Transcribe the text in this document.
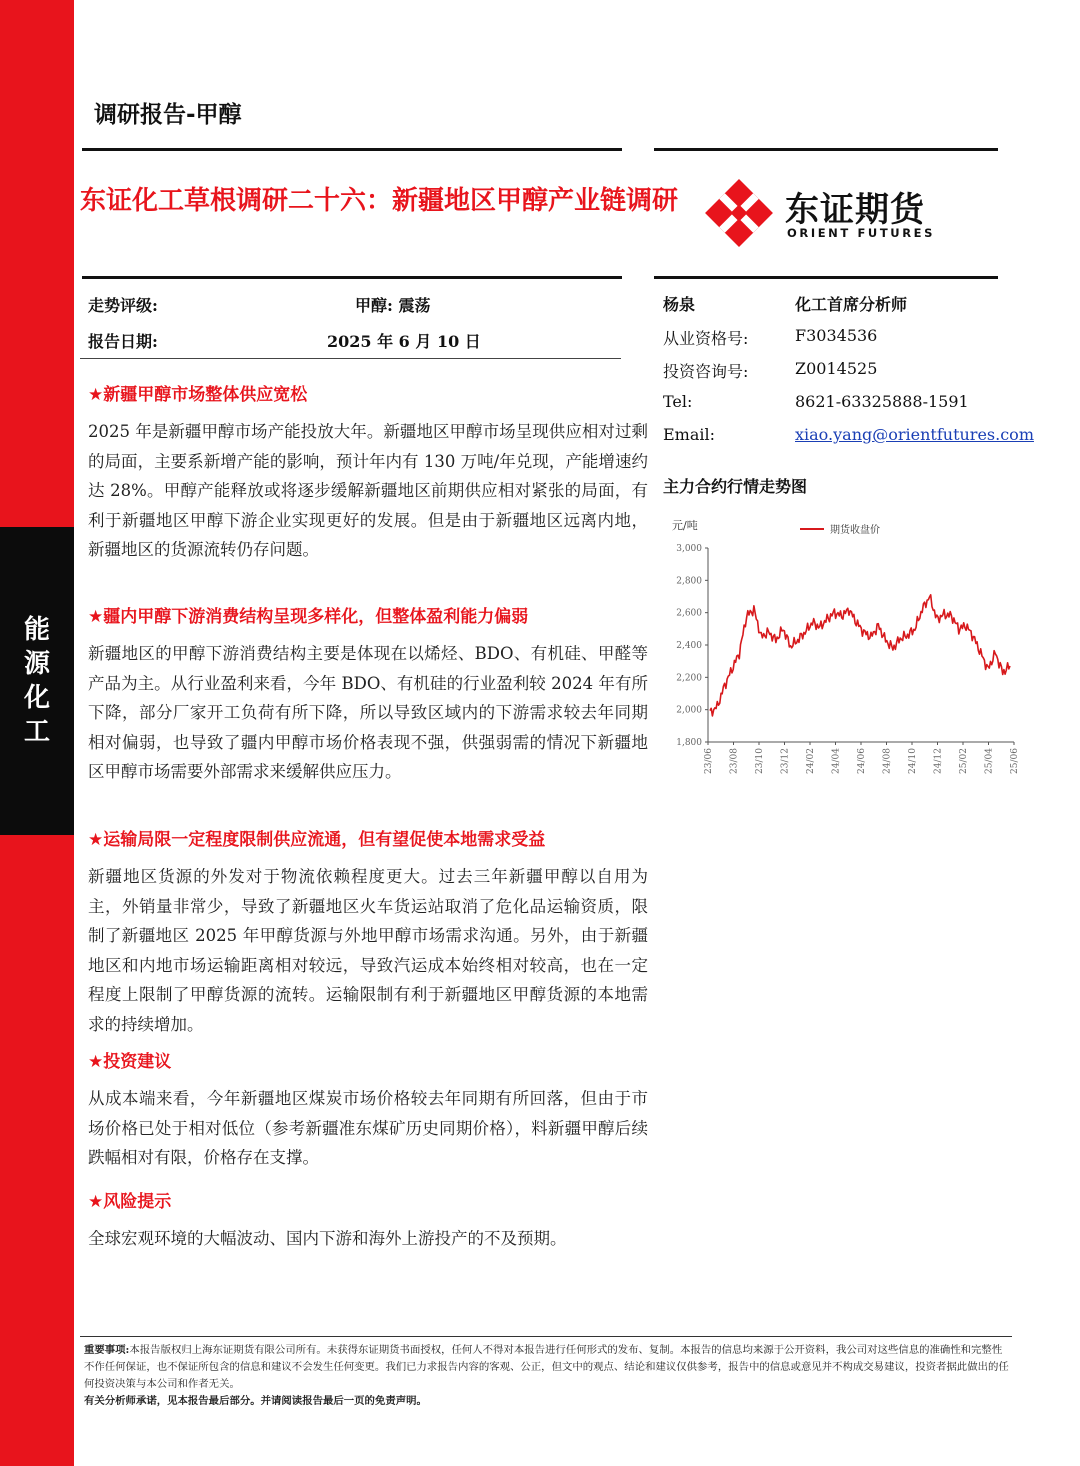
能源化工
调研报告-甲醇
东证化工草根调研二十六：新疆地区甲醇产业链调研	东证期货
ORIENT FUTURES
走势评级:	甲醇: 震荡
报告日期:	2025 年 6 月 10 日
杨泉	化工首席分析师
从业资格号:	F3034536
投资咨询号:	Z0014525
Tel:	8621-63325888-1591
Email:	xiao.yang@orientfutures.com
★新疆甲醇市场整体供应宽松
2025 年是新疆甲醇市场产能投放大年。新疆地区甲醇市场呈现供应相对过剩的局面，主要系新增产能的影响，预计年内有 130 万吨/年兑现，产能增速约达 28%。甲醇产能释放或将逐步缓解新疆地区前期供应相对紧张的局面，有利于新疆地区甲醇下游企业实现更好的发展。但是由于新疆地区远离内地，新疆地区的货源流转仍存问题。
★疆内甲醇下游消费结构呈现多样化，但整体盈利能力偏弱
新疆地区的甲醇下游消费结构主要是体现在以烯烃、BDO、有机硅、甲醛等产品为主。从行业盈利来看，今年 BDO、有机硅的行业盈利较 2024 年有所下降，部分厂家开工负荷有所下降，所以导致区域内的下游需求较去年同期相对偏弱，也导致了疆内甲醇市场价格表现不强，供强弱需的情况下新疆地区甲醇市场需要外部需求来缓解供应压力。
★运输局限一定程度限制供应流通，但有望促使本地需求受益
新疆地区货源的外发对于物流依赖程度更大。过去三年新疆甲醇以自用为主，外销量非常少，导致了新疆地区火车货运站取消了危化品运输资质，限制了新疆地区 2025 年甲醇货源与外地甲醇市场需求沟通。另外，由于新疆地区和内地市场运输距离相对较远，导致汽运成本始终相对较高，也在一定程度上限制了甲醇货源的流转。运输限制有利于新疆地区甲醇货源的本地需求的持续增加。
★投资建议
从成本端来看，今年新疆地区煤炭市场价格较去年同期有所回落，但由于市场价格已处于相对低位（参考新疆准东煤矿历史同期价格），料新疆甲醇后续跌幅相对有限，价格存在支撑。
★风险提示
全球宏观环境的大幅波动、国内下游和海外上游投产的不及预期。
主力合约行情走势图
元/吨
1,800
2,000
2,200
2,400
2,600
2,800
3,000
23/06 23/08 23/10 23/12 24/02 24/04 24/06 24/08 24/10 24/12 25/02 25/04 25/06
期货收盘价
重要事项:本报告版权归上海东证期货有限公司所有。未获得东证期货书面授权，任何人不得对本报告进行任何形式的发布、复制。本报告的信息均来源于公开资料，我公司对这些信息的准确性和完整性不作任何保证，也不保证所包含的信息和建议不会发生任何变更。我们已力求报告内容的客观、公正，但文中的观点、结论和建议仅供参考，报告中的信息或意见并不构成交易建议，投资者据此做出的任何投资决策与本公司和作者无关。
有关分析师承诺，见本报告最后部分。并请阅读报告最后一页的免责声明。
